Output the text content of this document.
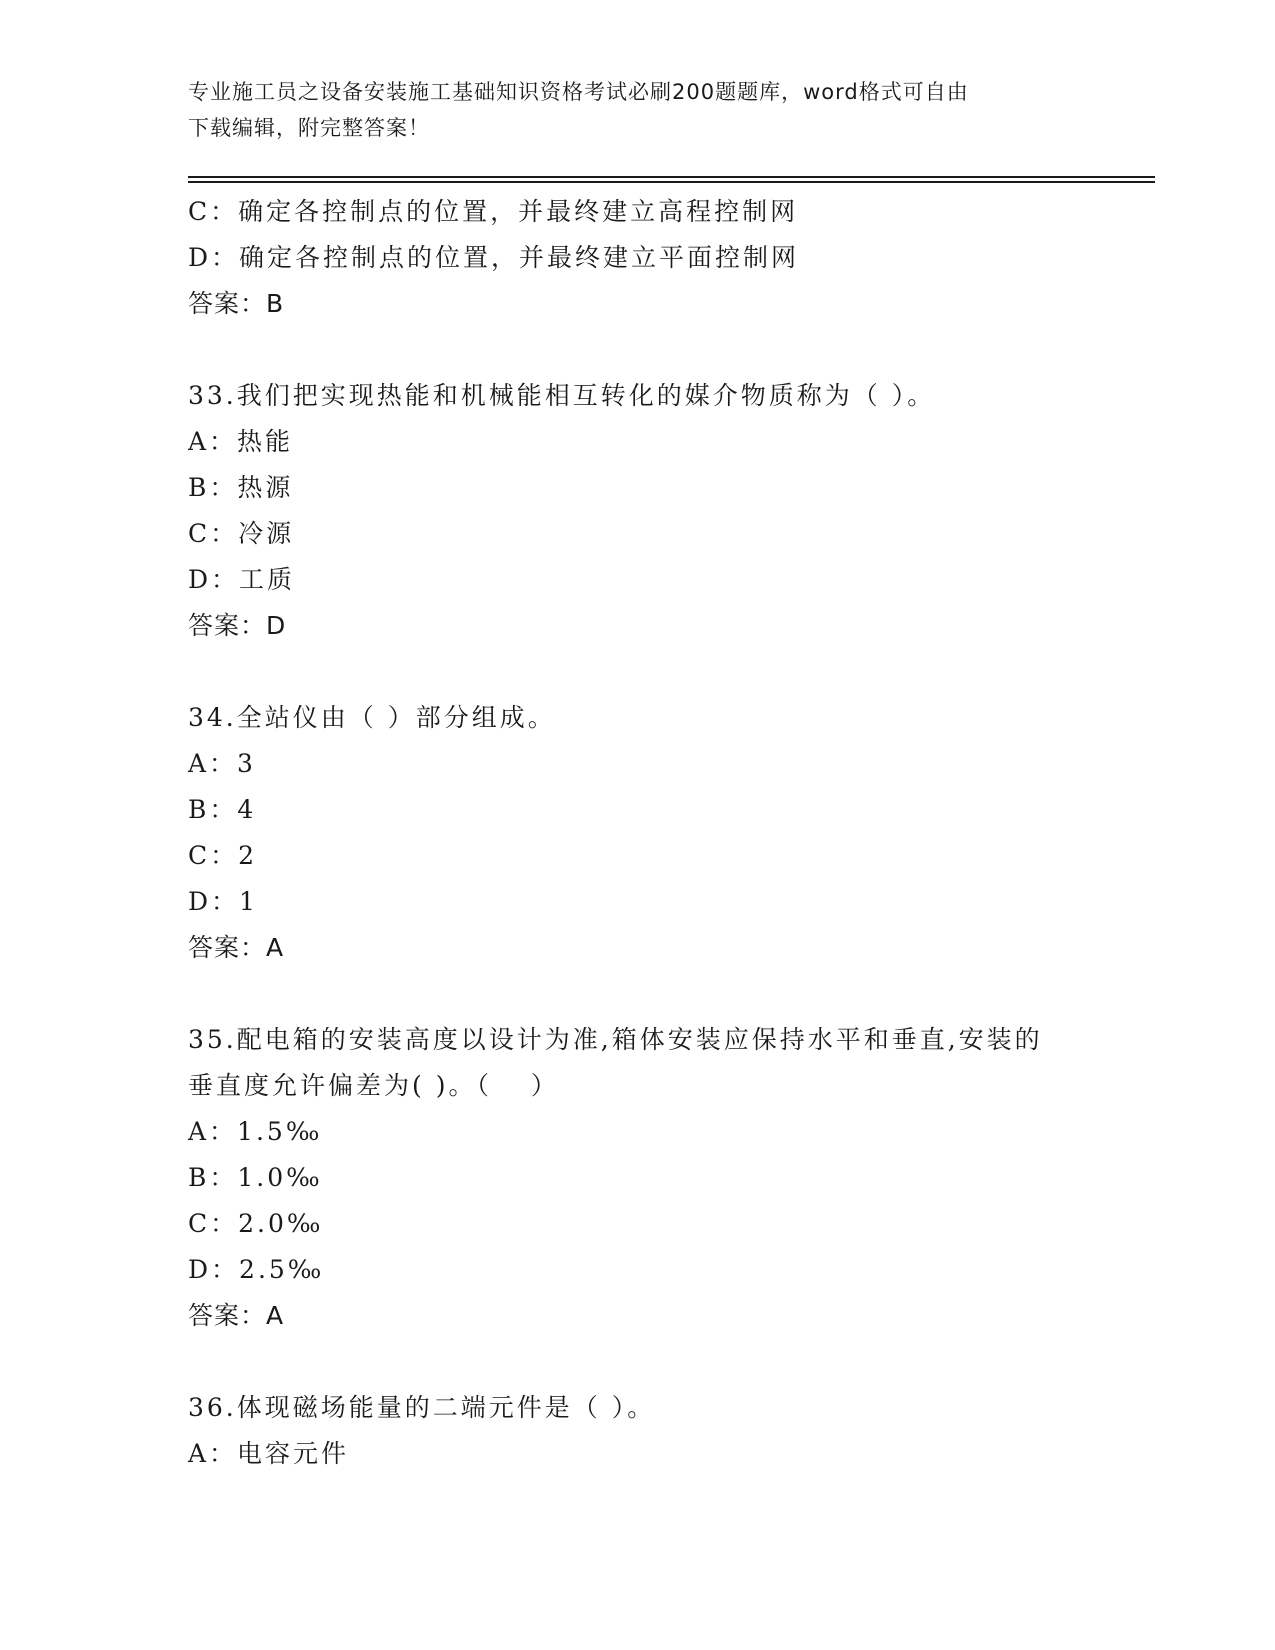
专业施工员之设备安装施工基础知识资格考试必刷200题题库，word格式可自由
下载编辑，附完整答案！
C：确定各控制点的位置，并最终建立高程控制网
D：确定各控制点的位置，并最终建立平面控制网
答案：B
33.我们把实现热能和机械能相互转化的媒介物质称为（ ）。
A：热能
B：热源
C：冷源
D：工质
答案：D
34.全站仪由（ ）部分组成。
A：3
B：4
C：2
D：1
答案：A
35.配电箱的安装高度以设计为准,箱体安装应保持水平和垂直,安装的
垂直度允许偏差为( )。（　 ）
A：1.5‰
B：1.0‰
C：2.0‰
D：2.5‰
答案：A
36.体现磁场能量的二端元件是（ ）。
A：电容元件
